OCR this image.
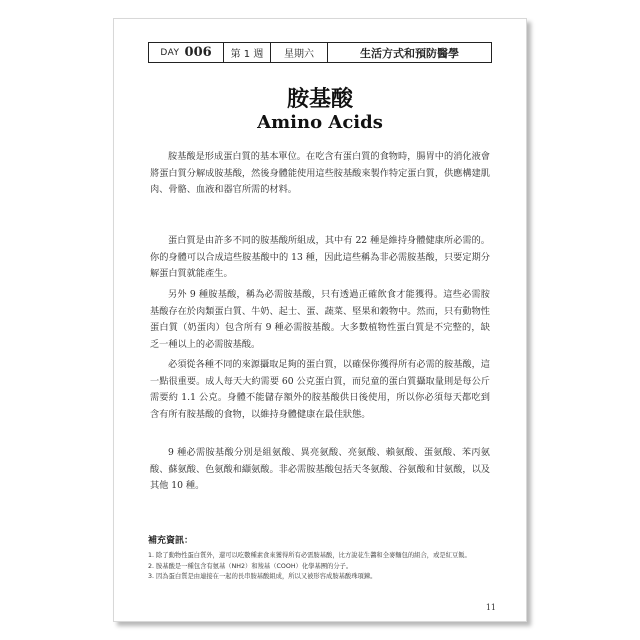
DAY 006	第 1 週	星期六	生活方式和預防醫學
胺基酸
Amino Acids

胺基酸是形成蛋白質的基本單位。在吃含有蛋白質的食物時，腸胃中的消化液會將蛋白質分解成胺基酸，然後身體能使用這些胺基酸來製作特定蛋白質，供應構建肌肉、骨骼、血液和器官所需的材料。

蛋白質是由許多不同的胺基酸所組成，其中有 22 種是維持身體健康所必需的。你的身體可以合成這些胺基酸中的 13 種，因此這些稱為非必需胺基酸，只要定期分解蛋白質就能產生。

另外 9 種胺基酸，稱為必需胺基酸，只有透過正確飲食才能獲得。這些必需胺基酸存在於肉類蛋白質、牛奶、起士、蛋、蔬菜、堅果和穀物中。然而，只有動物性蛋白質（奶蛋肉）包含所有 9 種必需胺基酸。大多數植物性蛋白質是不完整的，缺乏一種以上的必需胺基酸。

必須從各種不同的來源攝取足夠的蛋白質，以確保你獲得所有必需的胺基酸，這一點很重要。成人每天大約需要 60 公克蛋白質，而兒童的蛋白質攝取量則是每公斤需要約 1.1 公克。身體不能儲存額外的胺基酸供日後使用，所以你必須每天都吃到含有所有胺基酸的食物，以維持身體健康在最佳狀態。

9 種必需胺基酸分別是組氨酸、異亮氨酸、亮氨酸、賴氨酸、蛋氨酸、苯丙氨酸、蘇氨酸、色氨酸和纈氨酸。非必需胺基酸包括天冬氨酸、谷氨酸和甘氨酸，以及其他 10 種。

補充資訊：
1. 除了動物性蛋白質外，還可以吃數種素食來獲得所有必需胺基酸，比方說花生醬和全麥麵包的組合，或是紅豆飯。
2. 胺基酸是一種包含有氨基（NH2）和羧基（COOH）化學基團的分子。
3. 因為蛋白質是由連接在一起的長串胺基酸組成，所以又被形容成胺基酸珠項鍊。
11
